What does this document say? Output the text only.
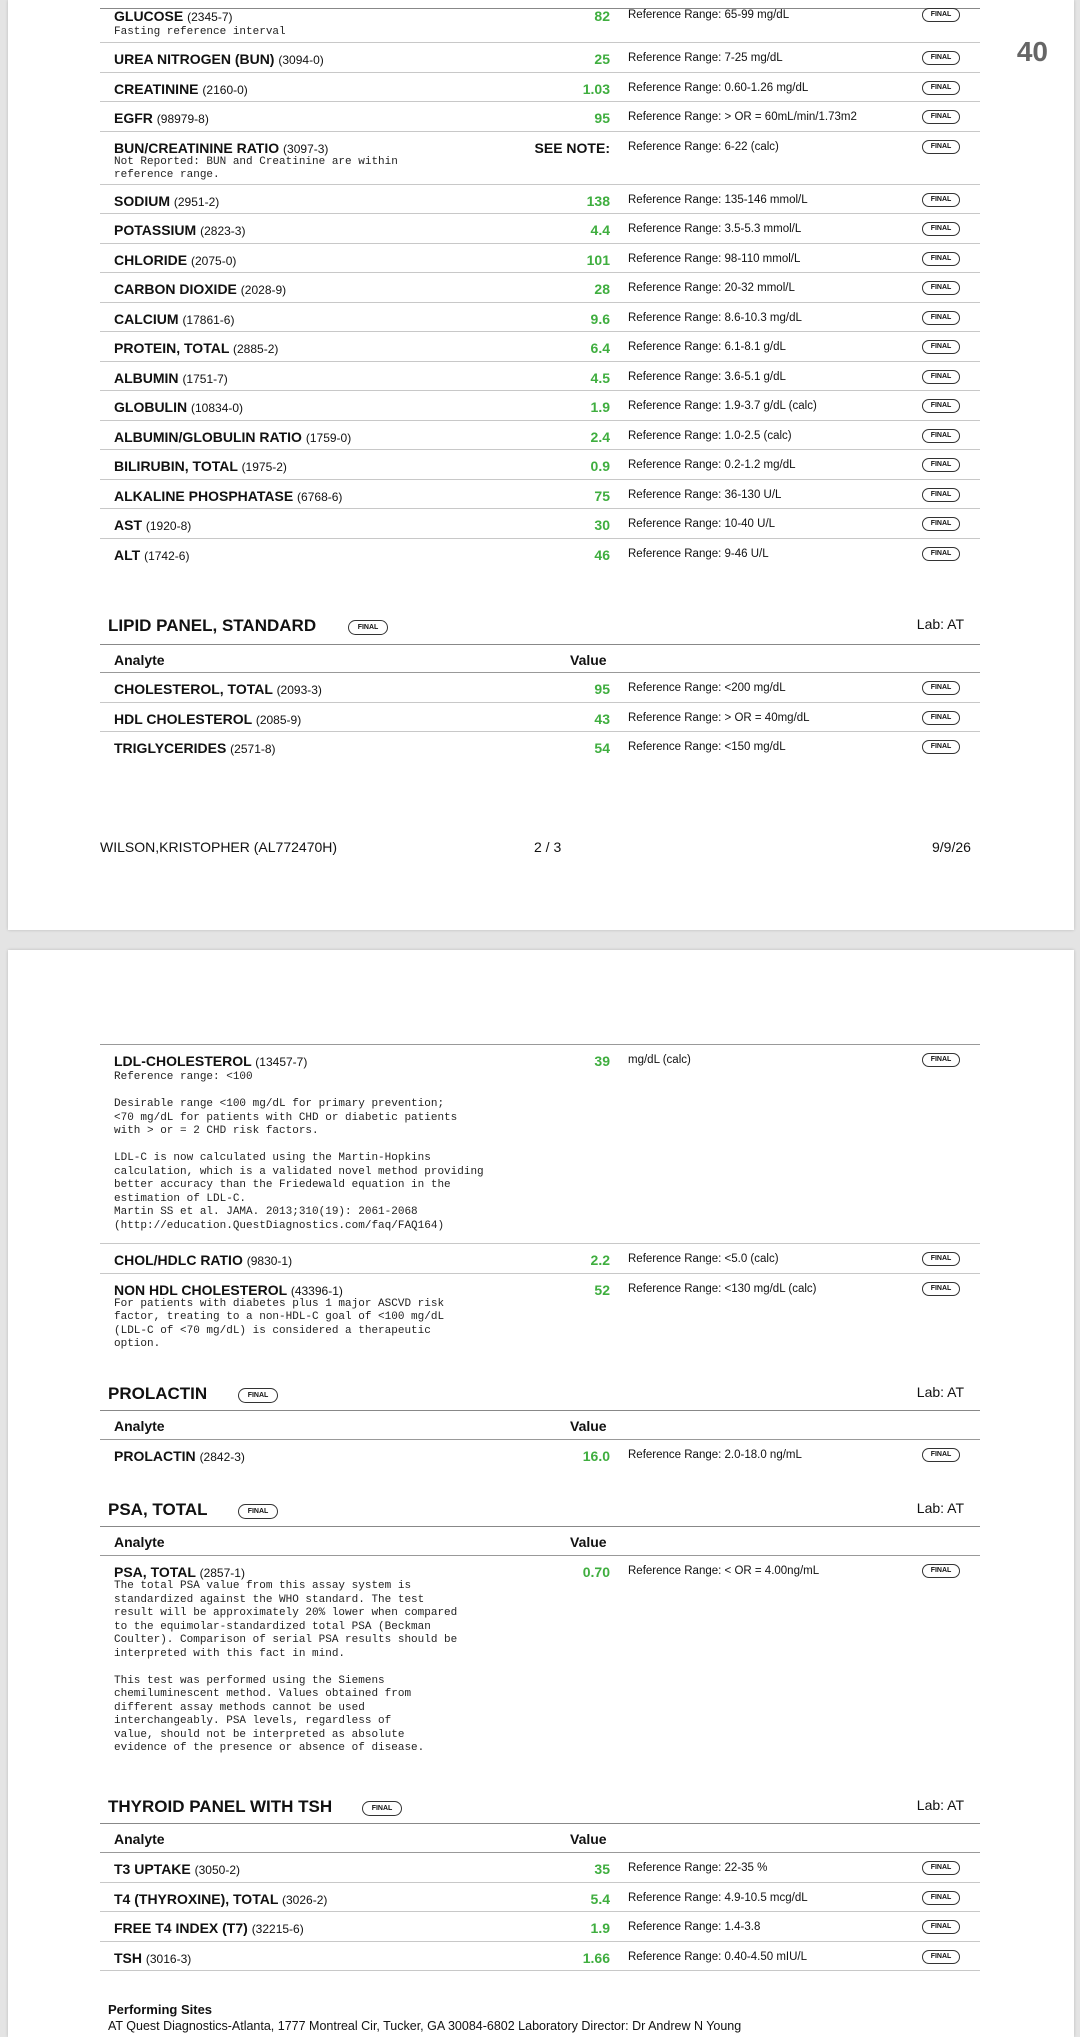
40
GLUCOSE (2345-7)	82 Reference Range: 65-99 mg/dL	FINAL
Fasting reference interval
UREA NITROGEN (BUN) (3094-0)	25 Reference Range: 7-25 mg/dL	FINAL
CREATININE (2160-0)	1.03 Reference Range: 0.60-1.26 mg/dL	FINAL
EGFR (98979-8)	95 Reference Range: > OR = 60mL/min/1.73m2	FINAL
BUN/CREATININE RATIO (3097-3)	SEE NOTE: Reference Range: 6-22 (calc)	FINAL
Not Reported: BUN and Creatinine are within
reference range.
SODIUM (2951-2)	138 Reference Range: 135-146 mmol/L	FINAL
POTASSIUM (2823-3)	4.4 Reference Range: 3.5-5.3 mmol/L	FINAL
CHLORIDE (2075-0)	101 Reference Range: 98-110 mmol/L	FINAL
CARBON DIOXIDE (2028-9)	28 Reference Range: 20-32 mmol/L	FINAL
CALCIUM (17861-6)	9.6 Reference Range: 8.6-10.3 mg/dL	FINAL
PROTEIN, TOTAL (2885-2)	6.4 Reference Range: 6.1-8.1 g/dL	FINAL
ALBUMIN (1751-7)	4.5 Reference Range: 3.6-5.1 g/dL	FINAL
GLOBULIN (10834-0)	1.9 Reference Range: 1.9-3.7 g/dL (calc)	FINAL
ALBUMIN/GLOBULIN RATIO (1759-0)	2.4 Reference Range: 1.0-2.5 (calc)	FINAL
BILIRUBIN, TOTAL (1975-2)	0.9 Reference Range: 0.2-1.2 mg/dL	FINAL
ALKALINE PHOSPHATASE (6768-6)	75 Reference Range: 36-130 U/L	FINAL
AST (1920-8)	30 Reference Range: 10-40 U/L	FINAL
ALT (1742-6)	46 Reference Range: 9-46 U/L	FINAL
LIPID PANEL, STANDARD	FINAL	Lab: AT
Analyte	Value
CHOLESTEROL, TOTAL (2093-3)	95 Reference Range: <200 mg/dL	FINAL
HDL CHOLESTEROL (2085-9)	43 Reference Range: > OR = 40mg/dL	FINAL
TRIGLYCERIDES (2571-8)	54 Reference Range: <150 mg/dL	FINAL
WILSON,KRISTOPHER (AL772470H)	2 / 3	9/9/26
LDL-CHOLESTEROL (13457-7)	39 mg/dL (calc)	FINAL
Reference range: <100

Desirable range <100 mg/dL for primary prevention;
<70 mg/dL for patients with CHD or diabetic patients
with > or = 2 CHD risk factors.

LDL-C is now calculated using the Martin-Hopkins
calculation, which is a validated novel method providing
better accuracy than the Friedewald equation in the
estimation of LDL-C.
Martin SS et al. JAMA. 2013;310(19): 2061-2068
(http://education.QuestDiagnostics.com/faq/FAQ164)
CHOL/HDLC RATIO (9830-1)	2.2 Reference Range: <5.0 (calc)	FINAL
NON HDL CHOLESTEROL (43396-1)	52 Reference Range: <130 mg/dL (calc)	FINAL
For patients with diabetes plus 1 major ASCVD risk
factor, treating to a non-HDL-C goal of <100 mg/dL
(LDL-C of <70 mg/dL) is considered a therapeutic
option.
PROLACTIN	FINAL	Lab: AT
Analyte	Value
PROLACTIN (2842-3)	16.0 Reference Range: 2.0-18.0 ng/mL	FINAL
PSA, TOTAL	FINAL	Lab: AT
Analyte	Value
PSA, TOTAL (2857-1)	0.70 Reference Range: < OR = 4.00ng/mL	FINAL
The total PSA value from this assay system is
standardized against the WHO standard. The test
result will be approximately 20% lower when compared
to the equimolar-standardized total PSA (Beckman
Coulter). Comparison of serial PSA results should be
interpreted with this fact in mind.

This test was performed using the Siemens
chemiluminescent method. Values obtained from
different assay methods cannot be used
interchangeably. PSA levels, regardless of
value, should not be interpreted as absolute
evidence of the presence or absence of disease.
THYROID PANEL WITH TSH	FINAL	Lab: AT
Analyte	Value
T3 UPTAKE (3050-2)	35 Reference Range: 22-35 %	FINAL
T4 (THYROXINE), TOTAL (3026-2)	5.4 Reference Range: 4.9-10.5 mcg/dL	FINAL
FREE T4 INDEX (T7) (32215-6)	1.9 Reference Range: 1.4-3.8	FINAL
TSH (3016-3)	1.66 Reference Range: 0.40-4.50 mIU/L	FINAL
Performing Sites
AT Quest Diagnostics-Atlanta, 1777 Montreal Cir, Tucker, GA 30084-6802 Laboratory Director: Dr Andrew N Young
